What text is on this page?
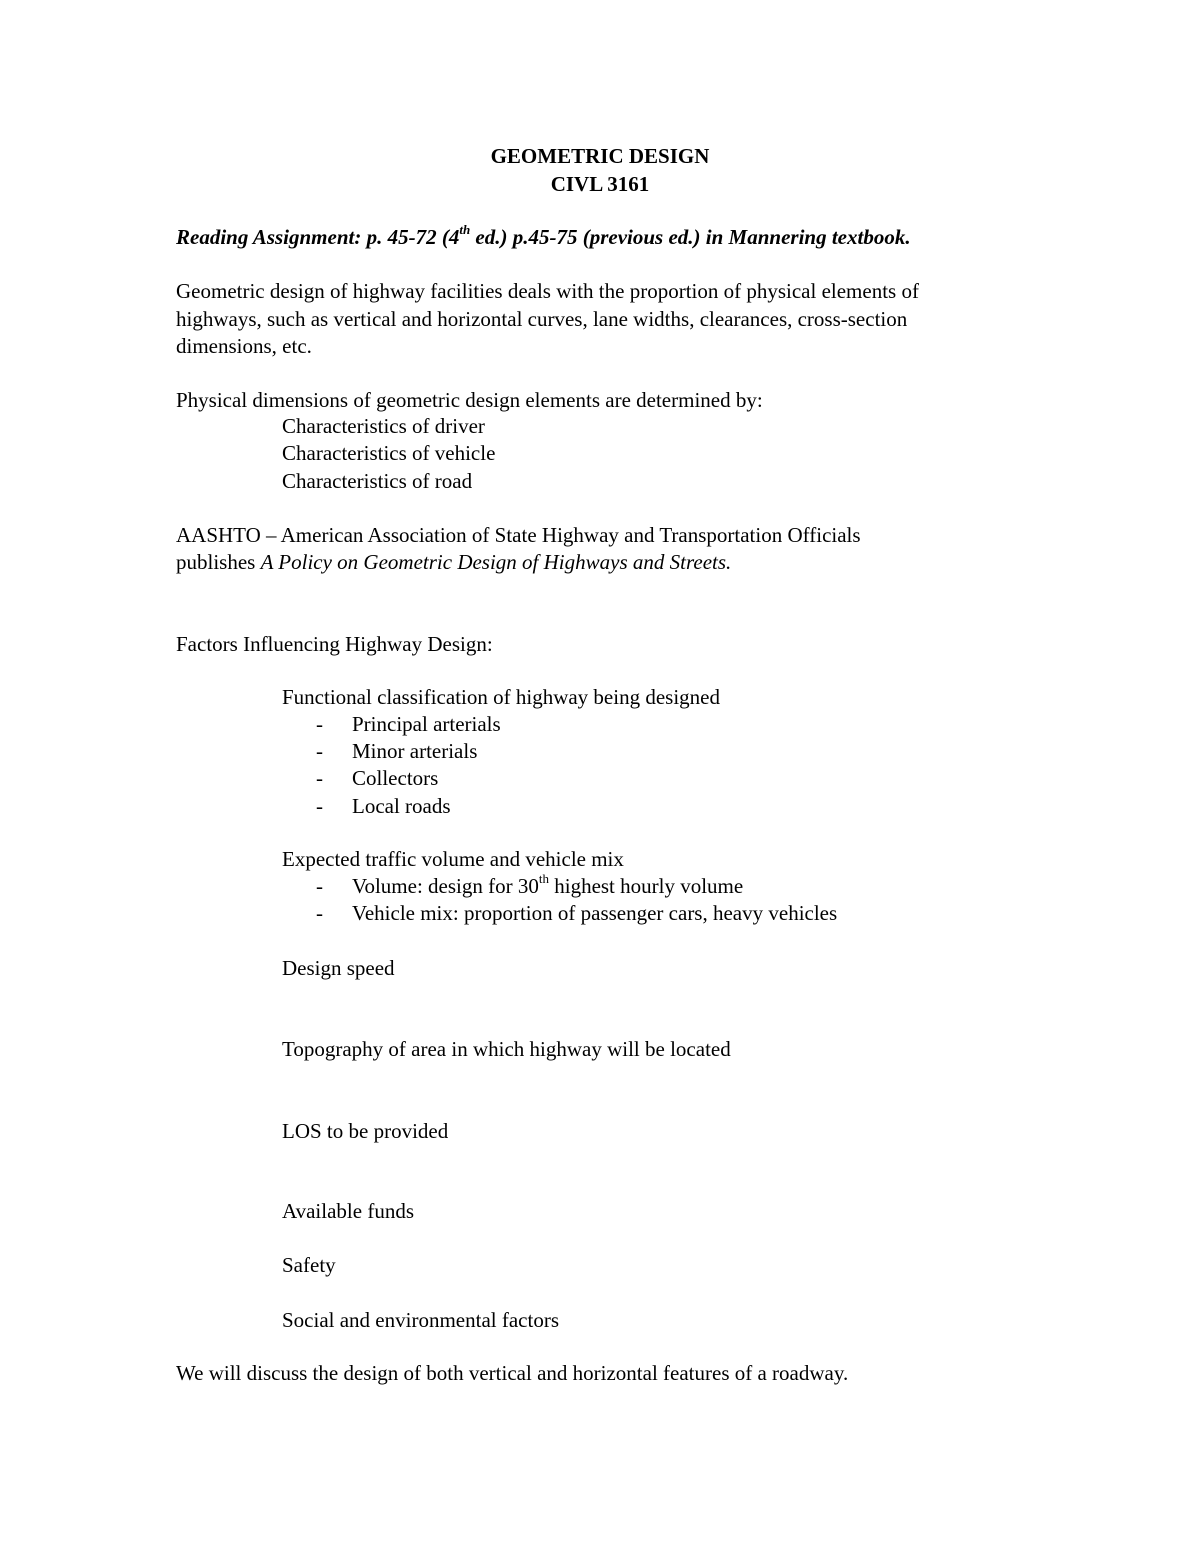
GEOMETRIC DESIGN
CIVL 3161
Reading Assignment: p. 45-72 (4th ed.) p.45-75 (previous ed.) in Mannering textbook.
Geometric design of highway facilities deals with the proportion of physical elements of
highways, such as vertical and horizontal curves, lane widths, clearances, cross-section
dimensions, etc.
Physical dimensions of geometric design elements are determined by:
Characteristics of driver
Characteristics of vehicle
Characteristics of road
AASHTO – American Association of State Highway and Transportation Officials
publishes A Policy on Geometric Design of Highways and Streets.
Factors Influencing Highway Design:
Functional classification of highway being designed
- Principal arterials
- Minor arterials
- Collectors
- Local roads
Expected traffic volume and vehicle mix
- Volume: design for 30th highest hourly volume
- Vehicle mix: proportion of passenger cars, heavy vehicles
Design speed
Topography of area in which highway will be located
LOS to be provided
Available funds
Safety
Social and environmental factors
We will discuss the design of both vertical and horizontal features of a roadway.
